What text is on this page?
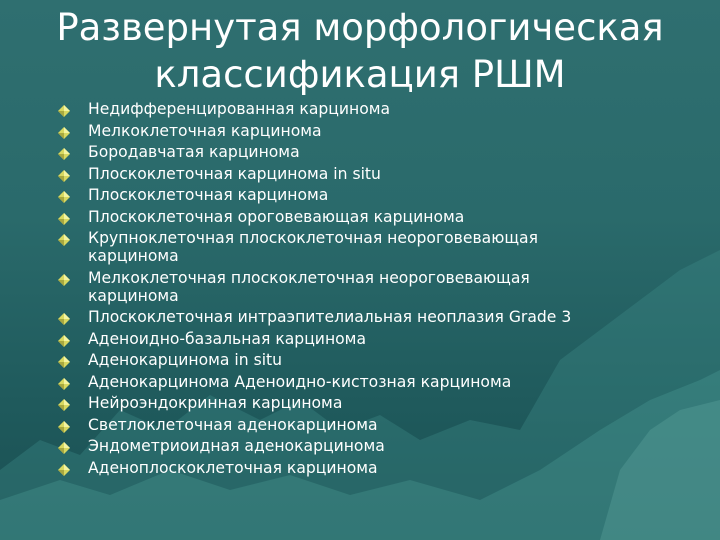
Развернутая морфологическая
классификация РШМ
Недифференцированная карцинома
Мелкоклеточная карцинома
Бородавчатая карцинома
Плоскоклеточная карцинома in situ
Плоскоклеточная карцинома
Плоскоклеточная ороговевающая карцинома
Крупноклеточная плоскоклеточная неороговевающая
карцинома
Мелкоклеточная плоскоклеточная неороговевающая
карцинома
Плоскоклеточная интраэпителиальная неоплазия Grade 3
Аденоидно-базальная карцинома
Аденокарцинома in situ
Аденокарцинома Аденоидно-кистозная карцинома
Нейроэндокринная карцинома
Светлоклеточная аденокарцинома
Эндометриоидная аденокарцинома
Аденоплоскоклеточная карцинома
